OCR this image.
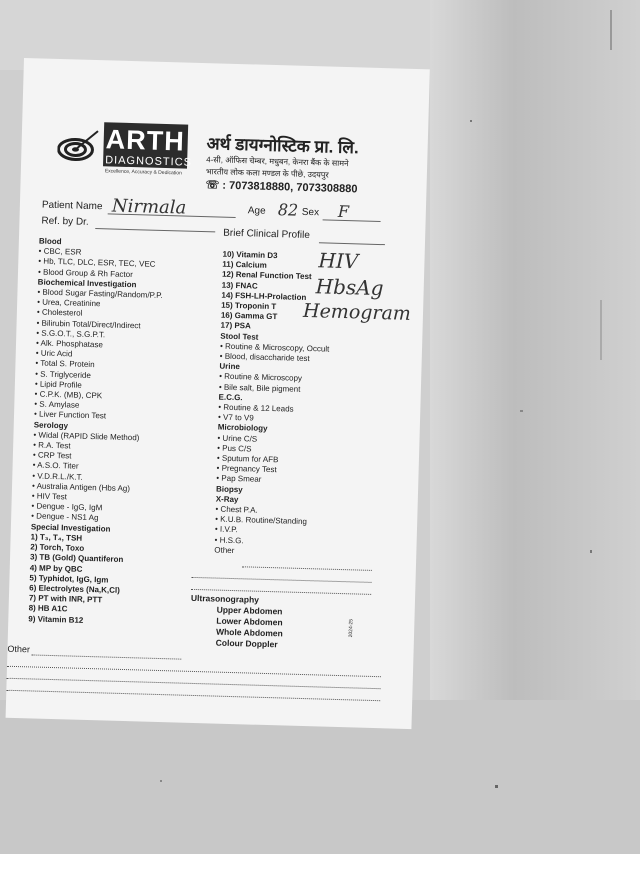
ARTH
DIAGNOSTICS
Excellence, Accuracy & Dedication
अर्थ डायग्नोस्टिक प्रा. लि.
4-सी, ऑफिस चेम्बर, मधुबन, केनरा बैंक के सामने
भारतीय लोक कला मण्डल के पीछे, उदयपुर
☏ : 7073818880, 7073308880
Patient Name Nirmala	Age 82 Sex F
Ref. by Dr.
Brief Clinical Profile
HIV
HbsAg
Hemogram
Blood
• CBC, ESR
• Hb, TLC, DLC, ESR, TEC, VEC
• Blood Group & Rh Factor
Biochemical Investigation
• Blood Sugar Fasting/Random/P.P.
• Urea, Creatinine
• Cholesterol
• Bilirubin Total/Direct/Indirect
• S.G.O.T., S.G.P.T.
• Alk. Phosphatase
• Uric Acid
• Total S. Protein
• S. Triglyceride
• Lipid Profile
• C.P.K. (MB), CPK
• S. Amylase
• Liver Function Test
Serology
• Widal (RAPID Slide Method)
• R.A. Test
• CRP Test
• A.S.O. Titer
• V.D.R.L./K.T.
• Australia Antigen (Hbs Ag)
• HIV Test
• Dengue - IgG, IgM
• Dengue - NS1 Ag
Special Investigation
1) T₃, T₄, TSH
2) Torch, Toxo
3) TB (Gold) Quantiferon
4) MP by QBC
5) Typhidot, IgG, Igm
6) Electrolytes (Na,K,Cl)
7) PT with INR, PTT
8) HB A1C
9) Vitamin B12
10) Vitamin D3
11) Calcium
12) Renal Function Test
13) FNAC
14) FSH-LH-Prolaction
15) Troponin T
16) Gamma GT
17) PSA
Stool Test
• Routine & Microscopy, Occult
• Blood, disaccharide test
Urine
• Routine & Microscopy
• Bile salt, Bile pigment
E.C.G.
• Routine & 12 Leads
• V7 to V9
Microbiology
• Urine C/S
• Pus C/S
• Sputum for AFB
• Pregnancy Test
• Pap Smear
Biopsy
X-Ray
• Chest P.A.
• K.U.B. Routine/Standing
• I.V.P.
• H.S.G.
Other
Ultrasonography
Upper Abdomen
Lower Abdomen
Whole Abdomen
Colour Doppler
Other
2024-25
